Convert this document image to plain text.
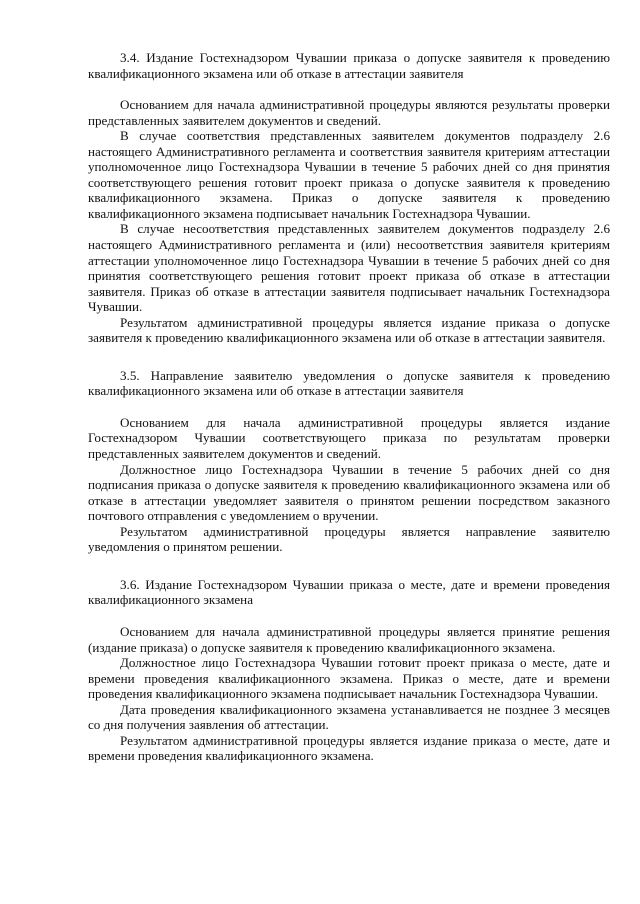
3.4. Издание Гостехнадзором Чувашии приказа о допуске заявителя к проведению квалификационного экзамена или об отказе в аттестации заявителя

Основанием для начала административной процедуры являются результаты проверки представленных заявителем документов и сведений.

В случае соответствия представленных заявителем документов подразделу 2.6 настоящего Административного регламента и соответствия заявителя критериям аттестации уполномоченное лицо Гостехнадзора Чувашии в течение 5 рабочих дней со дня принятия соответствующего решения готовит проект приказа о допуске заявителя к проведению квалификационного экзамена. Приказ о допуске заявителя к проведению квалификационного экзамена подписывает начальник Гостехнадзора Чувашии.

В случае несоответствия представленных заявителем документов подразделу 2.6 настоящего Административного регламента и (или) несоответствия заявителя критериям аттестации уполномоченное лицо Гостехнадзора Чувашии в течение 5 рабочих дней со дня принятия соответствующего решения готовит проект приказа об отказе в аттестации заявителя. Приказ об отказе в аттестации заявителя подписывает начальник Гостехнадзора Чувашии.

Результатом административной процедуры является издание приказа о допуске заявителя к проведению квалификационного экзамена или об отказе в аттестации заявителя.

3.5. Направление заявителю уведомления о допуске заявителя к проведению квалификационного экзамена или об отказе в аттестации заявителя

Основанием для начала административной процедуры является издание Гостехнадзором Чувашии соответствующего приказа по результатам проверки представленных заявителем документов и сведений.

Должностное лицо Гостехнадзора Чувашии в течение 5 рабочих дней со дня подписания приказа о допуске заявителя к проведению квалификационного экзамена или об отказе в аттестации уведомляет заявителя о принятом решении посредством заказного почтового отправления с уведомлением о вручении.

Результатом административной процедуры является направление заявителю уведомления о принятом решении.

3.6. Издание Гостехнадзором Чувашии приказа о месте, дате и времени проведения квалификационного экзамена

Основанием для начала административной процедуры является принятие решения (издание приказа) о допуске заявителя к проведению квалификационного экзамена.

Должностное лицо Гостехнадзора Чувашии готовит проект приказа о месте, дате и времени проведения квалификационного экзамена. Приказ о месте, дате и времени проведения квалификационного экзамена подписывает начальник Гостехнадзора Чувашии.

Дата проведения квалификационного экзамена устанавливается не позднее 3 месяцев со дня получения заявления об аттестации.

Результатом административной процедуры является издание приказа о месте, дате и времени проведения квалификационного экзамена.
